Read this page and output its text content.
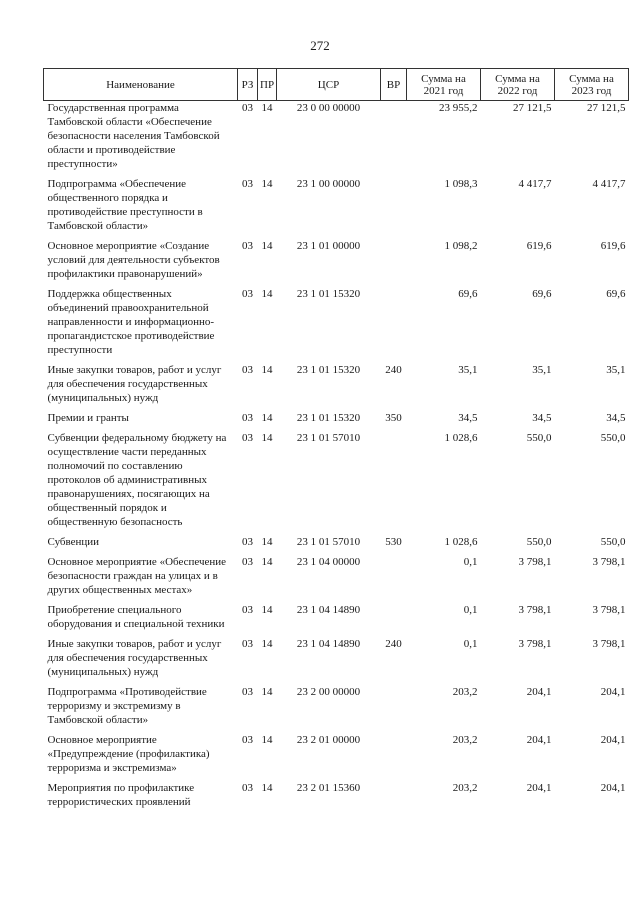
272
Наименование	РЗ	ПР	ЦСР	ВР	Сумма на 2021 год	Сумма на 2022 год	Сумма на 2023 год
Государственная программа Тамбовской области «Обеспечение безопасности населения Тамбовской области и противодействие преступности»	03	14	23 0 00 00000		23 955,2	27 121,5	27 121,5
Подпрограмма «Обеспечение общественного порядка и противодействие преступности в Тамбовской области»	03	14	23 1 00 00000		1 098,3	4 417,7	4 417,7
Основное мероприятие «Создание условий для деятельности субъектов профилактики правонарушений»	03	14	23 1 01 00000		1 098,2	619,6	619,6
Поддержка общественных объединений правоохранительной направленности и информационно-пропагандистское противодействие преступности	03	14	23 1 01 15320		69,6	69,6	69,6
Иные закупки товаров, работ и услуг для обеспечения государственных (муниципальных) нужд	03	14	23 1 01 15320	240	35,1	35,1	35,1
Премии и гранты	03	14	23 1 01 15320	350	34,5	34,5	34,5
Субвенции федеральному бюджету на осуществление части переданных полномочий по составлению протоколов об административных правонарушениях, посягающих на общественный порядок и общественную безопасность	03	14	23 1 01 57010		1 028,6	550,0	550,0
Субвенции	03	14	23 1 01 57010	530	1 028,6	550,0	550,0
Основное мероприятие «Обеспечение безопасности граждан на улицах и в других общественных местах»	03	14	23 1 04 00000		0,1	3 798,1	3 798,1
Приобретение специального оборудования и специальной техники	03	14	23 1 04 14890		0,1	3 798,1	3 798,1
Иные закупки товаров, работ и услуг для обеспечения государственных (муниципальных) нужд	03	14	23 1 04 14890	240	0,1	3 798,1	3 798,1
Подпрограмма «Противодействие терроризму и экстремизму в Тамбовской области»	03	14	23 2 00 00000		203,2	204,1	204,1
Основное мероприятие «Предупреждение (профилактика) терроризма и экстремизма»	03	14	23 2 01 00000		203,2	204,1	204,1
Мероприятия по профилактике террористических проявлений	03	14	23 2 01 15360		203,2	204,1	204,1
